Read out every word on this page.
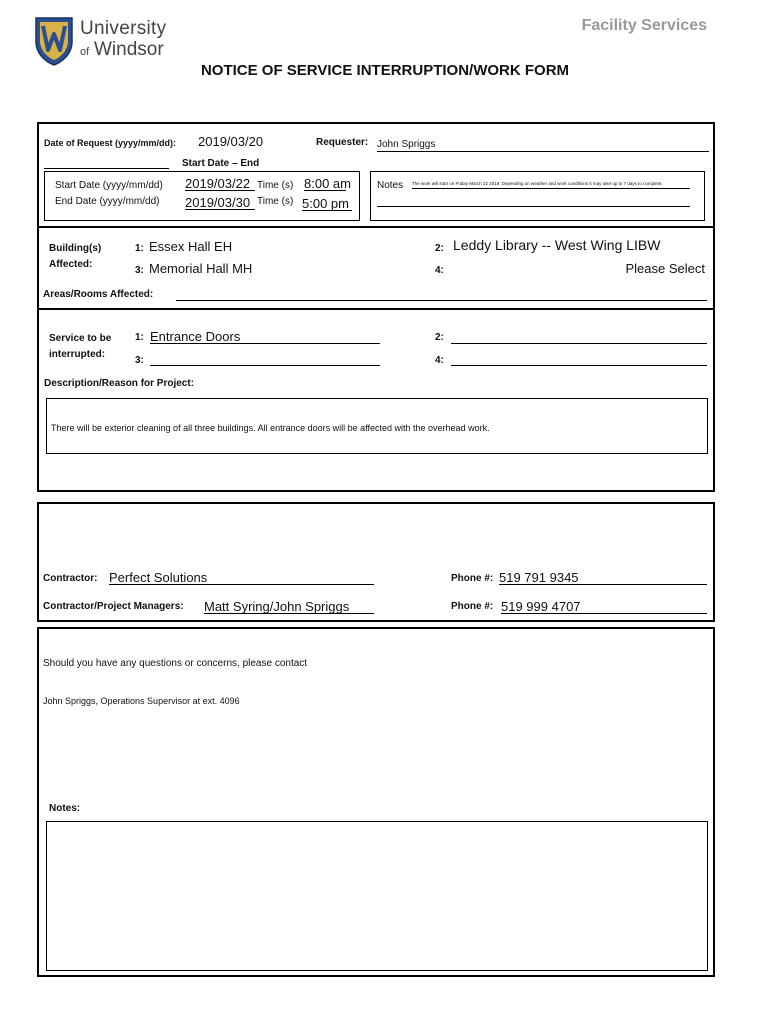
University
of Windsor
Facility Services
NOTICE OF SERVICE INTERRUPTION/WORK FORM
Date of Request (yyyy/mm/dd): 2019/03/20	Requester: John Spriggs
Start Date – End
Start Date (yyyy/mm/dd) 2019/03/22 Time (s) 8:00 am
End Date (yyyy/mm/dd) 2019/03/30 Time (s) 5:00 pm
Notes The work will start on Friday March 22 2019. Depending on weather and work conditions it may take up to 7 days to complete.
Building(s)
Affected:
1: Essex Hall EH	2: Leddy Library -- West Wing LIBW
3: Memorial Hall MH	4:	Please Select
Areas/Rooms Affected:
Service to be
interrupted:
1: Entrance Doors	2:
3:	4:
Description/Reason for Project:
There will be exterior cleaning of all three buildings. All entrance doors will be affected with the overhead work.
Contractor: Perfect Solutions	Phone #: 519 791 9345
Contractor/Project Managers: Matt Syring/John Spriggs	Phone #: 519 999 4707
Should you have any questions or concerns, please contact
John Spriggs, Operations Supervisor at ext. 4096
Notes:
